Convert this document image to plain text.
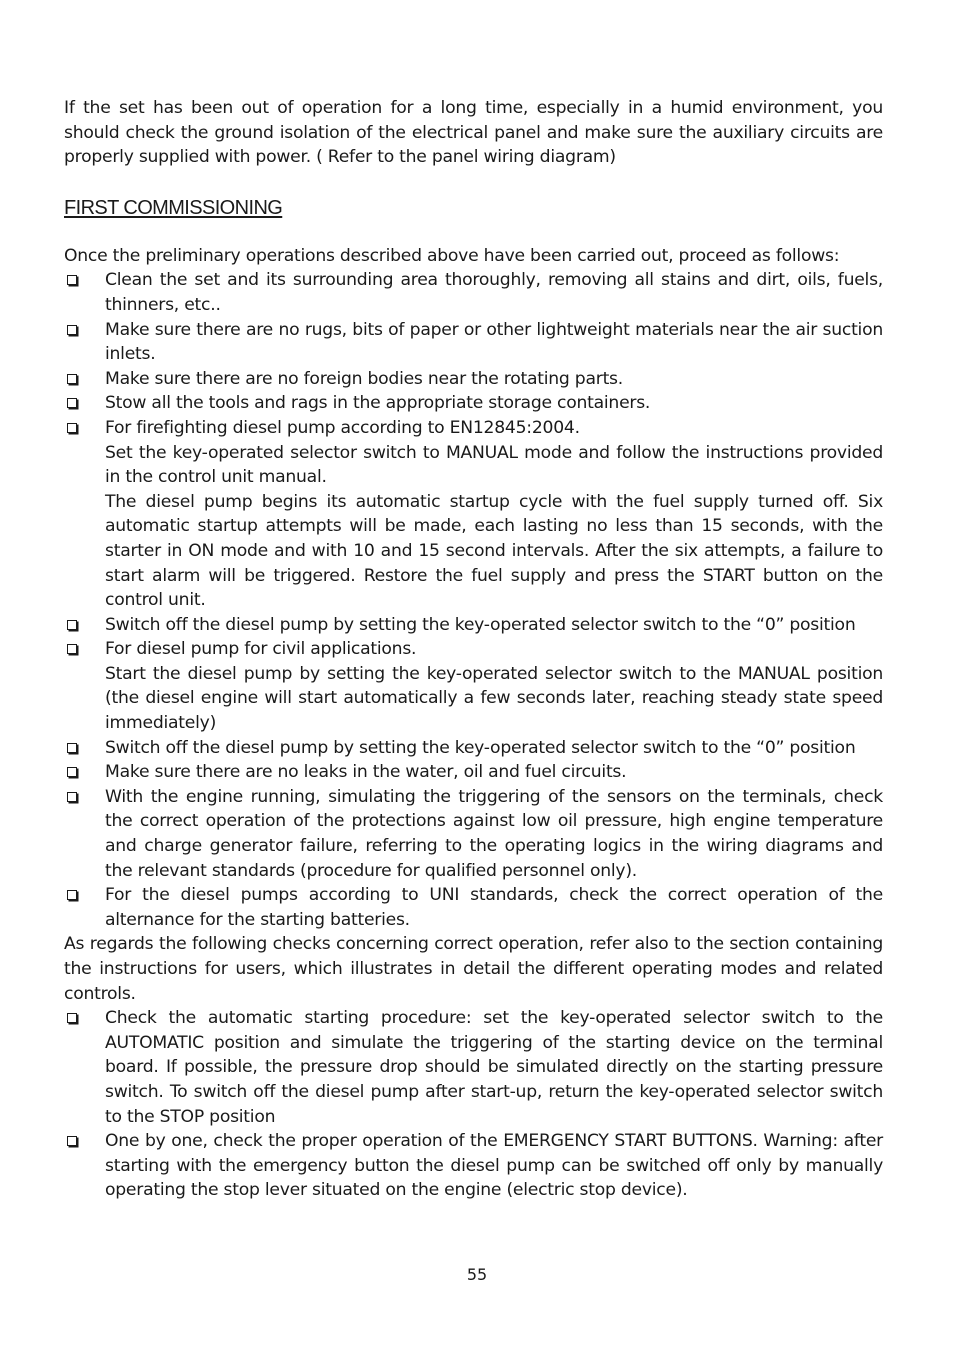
If the set has been out of operation for a long time, especially in a humid environment, you should check the ground isolation of the electrical panel and make sure the auxiliary circuits are properly supplied with power. ( Refer to the panel wiring diagram)

FIRST COMMISSIONING

Once the preliminary operations described above have been carried out, proceed as follows:

Clean the set and its surrounding area thoroughly, removing all stains and dirt, oils, fuels, thinners, etc..

Make sure there are no rugs, bits of paper or other lightweight materials near the air suction inlets.

Make sure there are no foreign bodies near the rotating parts.

Stow all the tools and rags in the appropriate storage containers.

For firefighting diesel pump according to EN12845:2004.

Set the key-operated selector switch to MANUAL mode and follow the instructions provided in the control unit manual.

The diesel pump begins its automatic startup cycle with the fuel supply turned off. Six automatic startup attempts will be made, each lasting no less than 15 seconds, with the starter in ON mode and with 10 and 15 second intervals. After the six attempts, a failure to start alarm will be triggered. Restore the fuel supply and press the START button on the control unit.

Switch off the diesel pump by setting the key-operated selector switch to the “0” position

For diesel pump for civil applications.

Start the diesel pump by setting the key-operated selector switch to the MANUAL position (the diesel engine will start automatically a few seconds later, reaching steady state speed immediately)

Switch off the diesel pump by setting the key-operated selector switch to the “0” position

Make sure there are no leaks in the water, oil and fuel circuits.

With the engine running, simulating the triggering of the sensors on the terminals, check the correct operation of the protections against low oil pressure, high engine temperature and charge generator failure, referring to the operating logics in the wiring diagrams and the relevant standards (procedure for qualified personnel only).

For the diesel pumps according to UNI standards, check the correct operation of the alternance for the starting batteries.

As regards the following checks concerning correct operation, refer also to the section containing the instructions for users, which illustrates in detail the different operating modes and related controls.

Check the automatic starting procedure: set the key-operated selector switch to the AUTOMATIC position and simulate the triggering of the starting device on the terminal board. If possible, the pressure drop should be simulated directly on the starting pressure switch. To switch off the diesel pump after start-up, return the key-operated selector switch to the STOP position

One by one, check the proper operation of the EMERGENCY START BUTTONS. Warning: after starting with the emergency button the diesel pump can be switched off only by manually operating the stop lever situated on the engine (electric stop device).

55
